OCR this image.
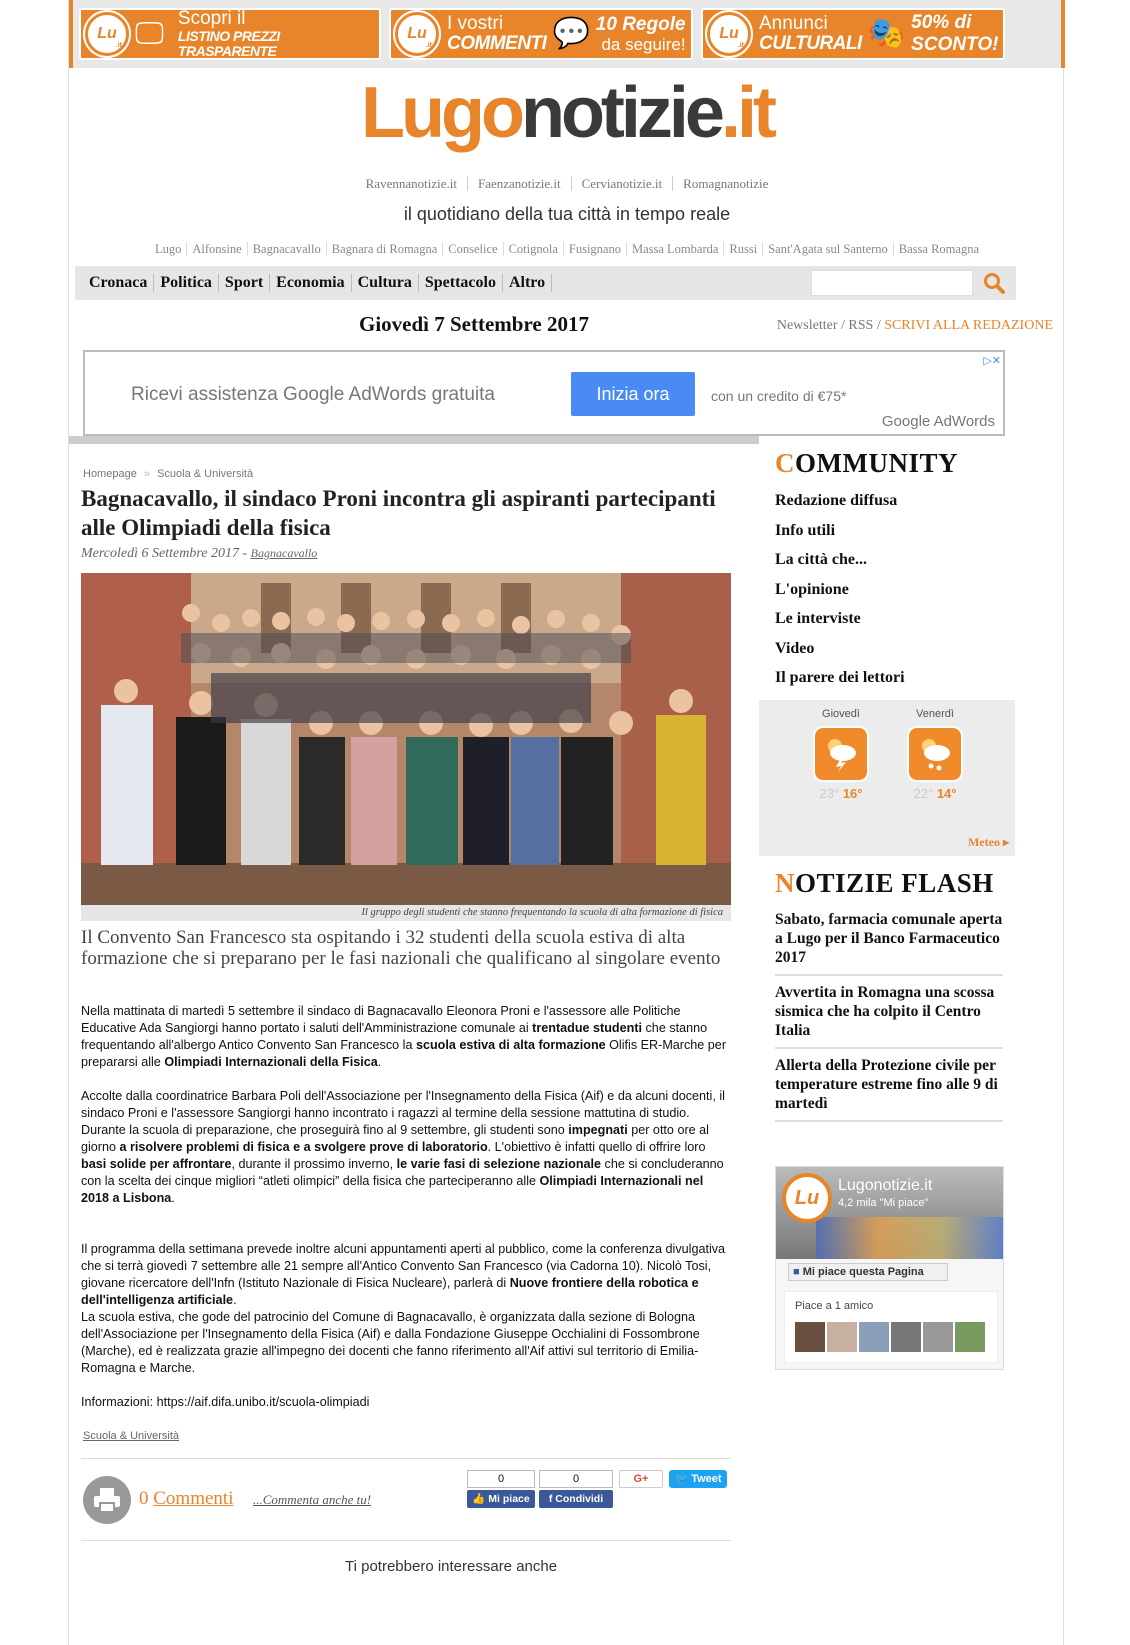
Lu
.it 🖵 Scopri il
LISTINO PREZZI TRASPARENTE
Lu
.it
I vostri
COMMENTI 💬 10 Regole
da seguire!
Lu
.it
Annunci
CULTURALI 🎭 50% di
SCONTO!
Lugonotizie.it
Ravennanotizie.it Faenzanotizie.it Cervianotizie.it Romagnanotizie
il quotidiano della tua città in tempo reale
Lugo Alfonsine Bagnacavallo Bagnara di Romagna Conselice Cotignola Fusignano Massa Lombarda Russi Sant'Agata sul Santerno Bassa Romagna
Cronaca Politica Sport Economia Cultura Spettacolo Altro
Giovedì 7 Settembre 2017	Newsletter / RSS / SCRIVI ALLA REDAZIONE
Ricevi assistenza Google AdWords gratuita	Inizia ora	con un credito di €75*
Google AdWords
▷✕
Homepage » Scuola & Università
Bagnacavallo, il sindaco Proni incontra gli aspiranti partecipanti alle Olimpiadi della fisica
Mercoledì 6 Settembre 2017 - Bagnacavallo
Il gruppo degli studenti che stanno frequentando la scuola di alta formazione di fisica
Il Convento San Francesco sta ospitando i 32 studenti della scuola estiva di alta formazione che si preparano per le fasi nazionali che qualificano al singolare evento

Nella mattinata di martedì 5 settembre il sindaco di Bagnacavallo Eleonora Proni e l'assessore alle Politiche Educative Ada Sangiorgi hanno portato i saluti dell'Amministrazione comunale ai trentadue studenti che stanno frequentando all'albergo Antico Convento San Francesco la scuola estiva di alta formazione Olifis ER-Marche per prepararsi alle Olimpiadi Internazionali della Fisica.

Accolte dalla coordinatrice Barbara Poli dell'Associazione per l'Insegnamento della Fisica (Aif) e da alcuni docenti, il sindaco Proni e l'assessore Sangiorgi hanno incontrato i ragazzi al termine della sessione mattutina di studio. Durante la scuola di preparazione, che proseguirà fino al 9 settembre, gli studenti sono impegnati per otto ore al giorno a risolvere problemi di fisica e a svolgere prove di laboratorio. L'obiettivo è infatti quello di offrire loro basi solide per affrontare, durante il prossimo inverno, le varie fasi di selezione nazionale che si concluderanno con la scelta dei cinque migliori “atleti olimpici” della fisica che parteciperanno alle Olimpiadi Internazionali nel 2018 a Lisbona.

Il programma della settimana prevede inoltre alcuni appuntamenti aperti al pubblico, come la conferenza divulgativa che si terrà giovedì 7 settembre alle 21 sempre all'Antico Convento San Francesco (via Cadorna 10). Nicolò Tosi, giovane ricercatore dell'Infn (Istituto Nazionale di Fisica Nucleare), parlerà di Nuove frontiere della robotica e dell'intelligenza artificiale.

La scuola estiva, che gode del patrocinio del Comune di Bagnacavallo, è organizzata dalla sezione di Bologna dell'Associazione per l'Insegnamento della Fisica (Aif) e dalla Fondazione Giuseppe Occhialini di Fossombrone (Marche), ed è realizzata grazie all'impegno dei docenti che fanno riferimento all'Aif attivi sul territorio di Emilia-Romagna e Marche.

Informazioni: https://aif.difa.unibo.it/scuola-olimpiadi

Scuola & Università
0 Commenti ...Commenta anche tu!
0
👍 Mi piace
0
f Condividi
G+	🐦 Tweet
Ti potrebbero interessare anche
COMMUNITY
Redazione diffusa
Info utili
La città che...
L'opinione
Le interviste
Video
Il parere dei lettori
Giovedì
23° 16°
Venerdì
22° 14°
Meteo ▸
NOTIZIE FLASH
Sabato, farmacia comunale aperta a Lugo per il Banco Farmaceutico 2017
Avvertita in Romagna una scossa sismica che ha colpito il Centro Italia
Allerta della Protezione civile per temperature estreme fino alle 9 di martedì
Lu
Lugonotizie.it
4,2 mila "Mi piace"
■ Mi piace questa Pagina
Piace a 1 amico
